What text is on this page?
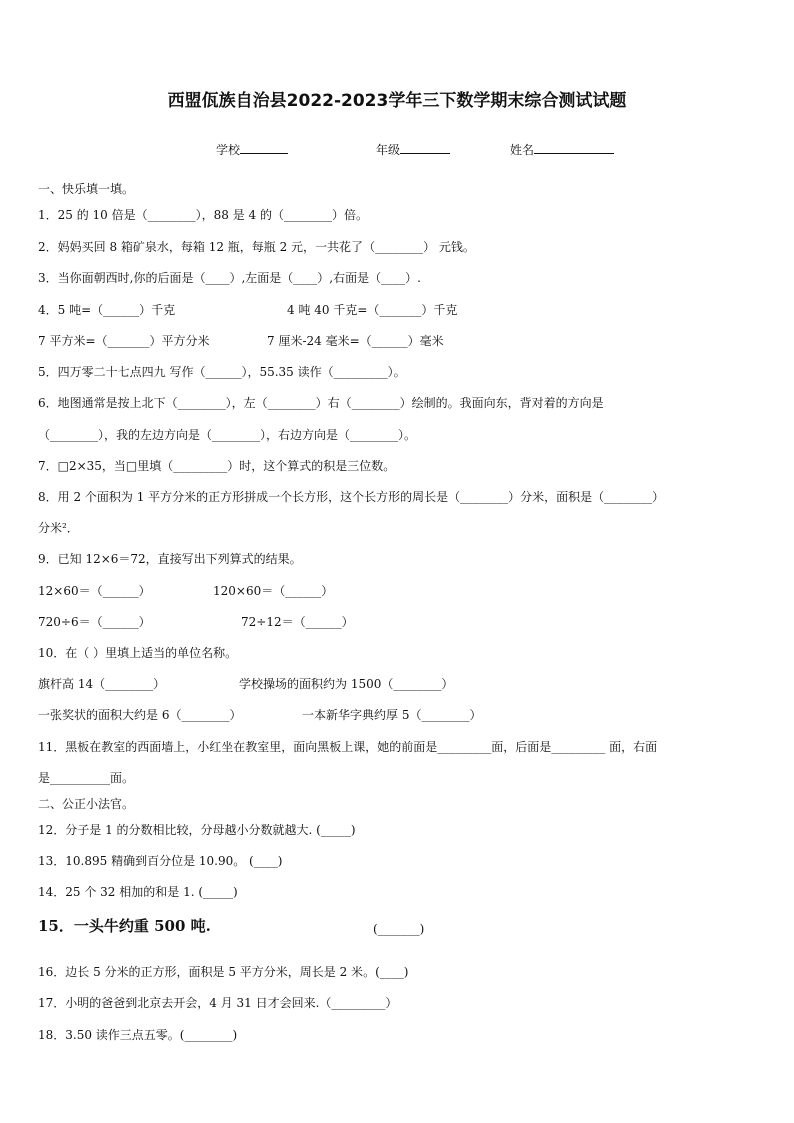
西盟佤族自治县2022-2023学年三下数学期末综合测试试题
学校	年级	姓名
一、快乐填一填。
1．25 的 10 倍是（________），88 是 4 的（________）倍。
2．妈妈买回 8 箱矿泉水，每箱 12 瓶，每瓶 2 元，一共花了（________） 元钱。
3．当你面朝西时,你的后面是（____）,左面是（____）,右面是（____）.
4．5 吨=（______）千克	4 吨 40 千克=（_______）千克
7 平方米=（_______）平方分米	7 厘米-24 毫米=（______）毫米
5．四万零二十七点四九 写作（______），55.35 读作（_________）。
6．地图通常是按上北下（________），左（________）右（________）绘制的。我面向东，背对着的方向是
（________），我的左边方向是（________），右边方向是（________）。
7．□2×35，当□里填（_________）时，这个算式的积是三位数。
8．用 2 个面积为 1 平方分米的正方形拼成一个长方形，这个长方形的周长是（________）分米，面积是（________）
分米²．
9．已知 12×6＝72，直接写出下列算式的结果。
12×60＝（______）	120×60＝（______）
720÷6＝（______）	72÷12＝（______）
10．在（ ）里填上适当的单位名称。
旗杆高 14（________）	学校操场的面积约为 1500（________）
一张奖状的面积大约是 6（________）	一本新华字典约厚 5（________）
11．黑板在教室的西面墙上，小红坐在教室里，面向黑板上课，她的前面是_________面，后面是_________ 面，右面
是__________面。
二、公正小法官。
12．分子是 1 的分数相比较，分母越小分数就越大. (_____)
13．10.895 精确到百分位是 10.90。 (____)
14．25 个 32 相加的和是 1. (_____)
15．一头牛约重 500 吨.	(_______)
16．边长 5 分米的正方形，面积是 5 平方分米，周长是 2 米。(____)
17．小明的爸爸到北京去开会，4 月 31 日才会回来.（_________）
18．3.50 读作三点五零。(________)
